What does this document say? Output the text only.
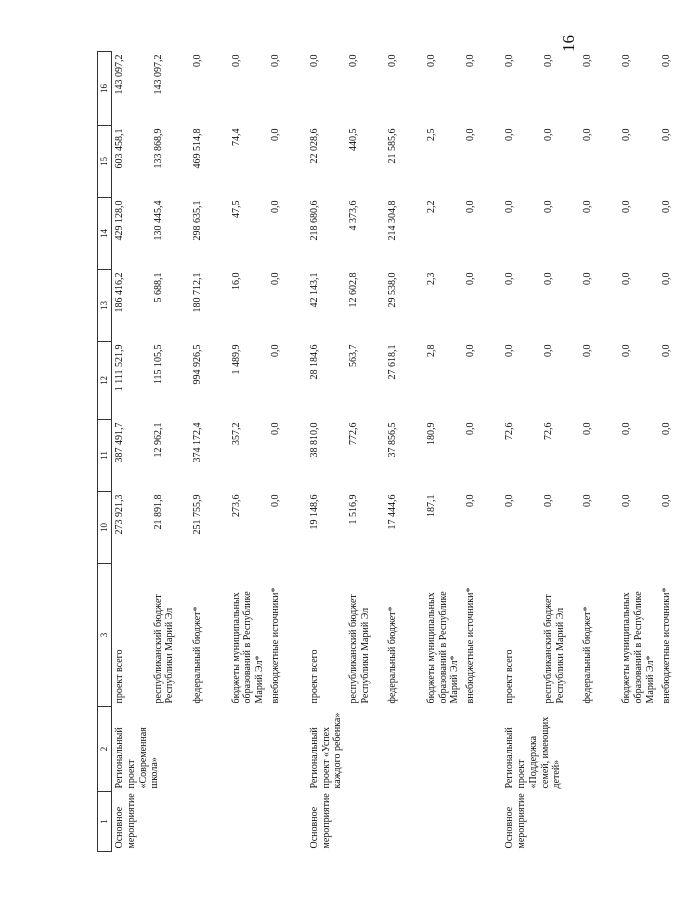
16
1	2	3	10	11	12	13	14	15	16
Основное мероприятие	Региональный проект «Современная школа»	проект всего	273 921,3	387 491,7	1 111 521,9	186 416,2	429 128,0	603 458,1	143 097,2
		республиканский бюджет Республики Марий Эл	21 891,8	12 962,1	115 105,5	5 688,1	130 445,4	133 868,9	143 097,2
		федеральный бюджет*	251 755,9	374 172,4	994 926,5	180 712,1	298 635,1	469 514,8	0,0
		бюджеты муниципальных образований в Республике Марий Эл*	273,6	357,2	1 489,9	16,0	47,5	74,4	0,0
		внебюджетные источники*	0,0	0,0	0,0	0,0	0,0	0,0	0,0
Основное мероприятие	Региональный проект «Успех каждого ребенка»	проект всего	19 148,6	38 810,0	28 184,6	42 143,1	218 680,6	22 028,6	0,0
		республиканский бюджет Республики Марий Эл	1 516,9	772,6	563,7	12 602,8	4 373,6	440,5	0,0
		федеральный бюджет*	17 444,6	37 856,5	27 618,1	29 538,0	214 304,8	21 585,6	0,0
		бюджеты муниципальных образований в Республике Марий Эл*	187,1	180,9	2,8	2,3	2,2	2,5	0,0
		внебюджетные источники*	0,0	0,0	0,0	0,0	0,0	0,0	0,0
Основное мероприятие	Региональный проект «Поддержка семей, имеющих детей»	проект всего	0,0	72,6	0,0	0,0	0,0	0,0	0,0
		республиканский бюджет Республики Марий Эл	0,0	72,6	0,0	0,0	0,0	0,0	0,0
		федеральный бюджет*	0,0	0,0	0,0	0,0	0,0	0,0	0,0
		бюджеты муниципальных образований в Республике Марий Эл*	0,0	0,0	0,0	0,0	0,0	0,0	0,0
		внебюджетные источники*	0,0	0,0	0,0	0,0	0,0	0,0	0,0
